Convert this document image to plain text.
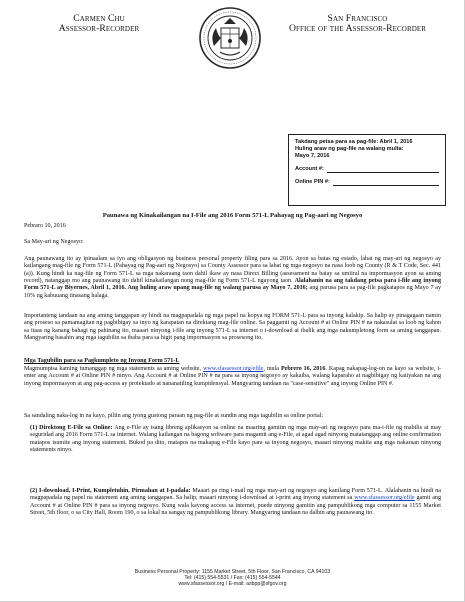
Carmen Chu
Assessor-Recorder
San Francisco
Office of the Assessor-Recorder
Takdang petsa para sa pag-file: Abril 1, 2016
Huling araw ng pag-file na walang multa:
Mayo 7, 2016
Account #:
Online PIN #:
Paunawa ng Kinakailangan na I-File ang 2016 Form 571-L Pahayag ng Pag-aari ng Negosyo
Pebraro 10, 2016
Sa May-ari ng Negosyo:
Ang paunawang ito ay ipinaalam sa iyo ang obligasyon ng business personal property filing para sa 2016. Ayon sa batas ng estado, lahat ng may-ari ng negosyo ay kailangang mag-file ng Form 571-L (Pahayag ng Pag-aari ng Negosyo) sa County Assessor para sa lahat ng mga negosyo na nasa loob ng County (R & T Code, Sec. 441 (a)). Kung hindi ka nag-file ng Form 571-L sa mga nakaraang taon dahil ikaw ay nasa Direct Billing (assessment na batay sa umiiral na impormasyon ayon sa aming record), natanggap mo ang paunawang ito dahil kinakailangan nong mag-file ng Form 571-L ngayong taon. Alalahanin na ang takdang petsa para i-file ang inyong Form 571-L ay Biyernes, Abril 1, 2016. Ang huling araw upang mag-file ng walang parusa ay Mayo 7, 2016; ang parusa para sa pag-file pagkatapos ng Mayo 7 ay 10% ng kabuuang tinasang halaga.
Importanteng tandaan na ang aming tanggapan ay hindi na magpapadala ng mga papel na kopya ng FORM 571-L para sa inyong kalakip. Sa halip ay pinagagaan namin ang proseso sa pamamagitan ng pagbibigay sa inyo ng karapatan na direktang mag-file online. Sa paggamit ng Account # at Online PIN # na nakasulat sa loob ng kahon sa itaas ng kanang bahagi ng pahinang ito, maaari ninyong i-file ang inyong 571-L sa internet o i-download at ibalik ang mga nakumpletong form sa aming tanggapan. Mangyaring basahin ang mga tagubilin sa ibaba para sa higit pang impormasyon sa prosesong ito.
Mga Tagubilin para sa Pagkumpleto ng Inyong Form 571-L
Magmumpisa kaming tumanggap ng mga statements sa aming website, www.sfassessor.org/efile, mula Pebrero 16, 2016. Kapag nakapag-log-on na kayo sa website, i-enter ang Account # at Online PIN # ninyo. Ang Account # at Online PIN # na para sa inyong negosyo ay kakaiba, walang kaparaho at nagbibigay ng katiyakan na ang inyong impormasyon at ang pag-access ay protektado at nananatiling kumpidensyal. Mangyaring tandaan na "case-sensitive" ang inyong Online PIN #.
Sa sandaling naka-log in na kayo, piliin ang iyong gustong paraan ng pag-file at sundin ang mga tagubilin sa online portal:
(1) Direktong E-File sa Online: Ang e-File ay isang libreng aplikasyon sa online na maaring gamitin ng mga may-ari ng negosyo para ma-i-file ng mabilis at may seguridad ang 2016 Form 571-L sa internet. Walang kailangan na bagong software para magamit ang e-File, at agad agad ninyong matatanggap ang online confirmation matapos isumite ang inyong statement. Bukod pa dito, matapos na makapag e-File kayo para sa inyong negosyo, maaari ninyong makita ang mga nakaraan ninyong statements ninyo.
(2) I-download, I-Print, Kumpletuhin, Pirmahan at I-padala: Maaari pa ring i-mail ng mga may-ari ng negosyo ang kanilang Form 571-L. Alalahanin na hindi na magpapadala ng papel na statement ang aming tanggapan. Sa halip, maaari ninyong i-download at i-print ang inyong statement sa www.sfassessor.org/efile gamit ang Account # at Online PIN # para sa inyong negosyo. Kung wala kayong access sa internet, puede ninyong gamitin ang pampublikong mga computer sa 1155 Market Street, 5th floor, o sa City Hall, Room 190, o sa lokal na sangay ng pampublikong library. Mangyaring tandaan na dalhin ang paunawang ito.
Business Personal Property: 1155 Market Street, 5th Floor, San Francisco, CA 94103
Tel: (415) 554-5531 / Fax: (415) 554-5544
www.sfassessor.org / E-mail: asbpp@sfgov.org
